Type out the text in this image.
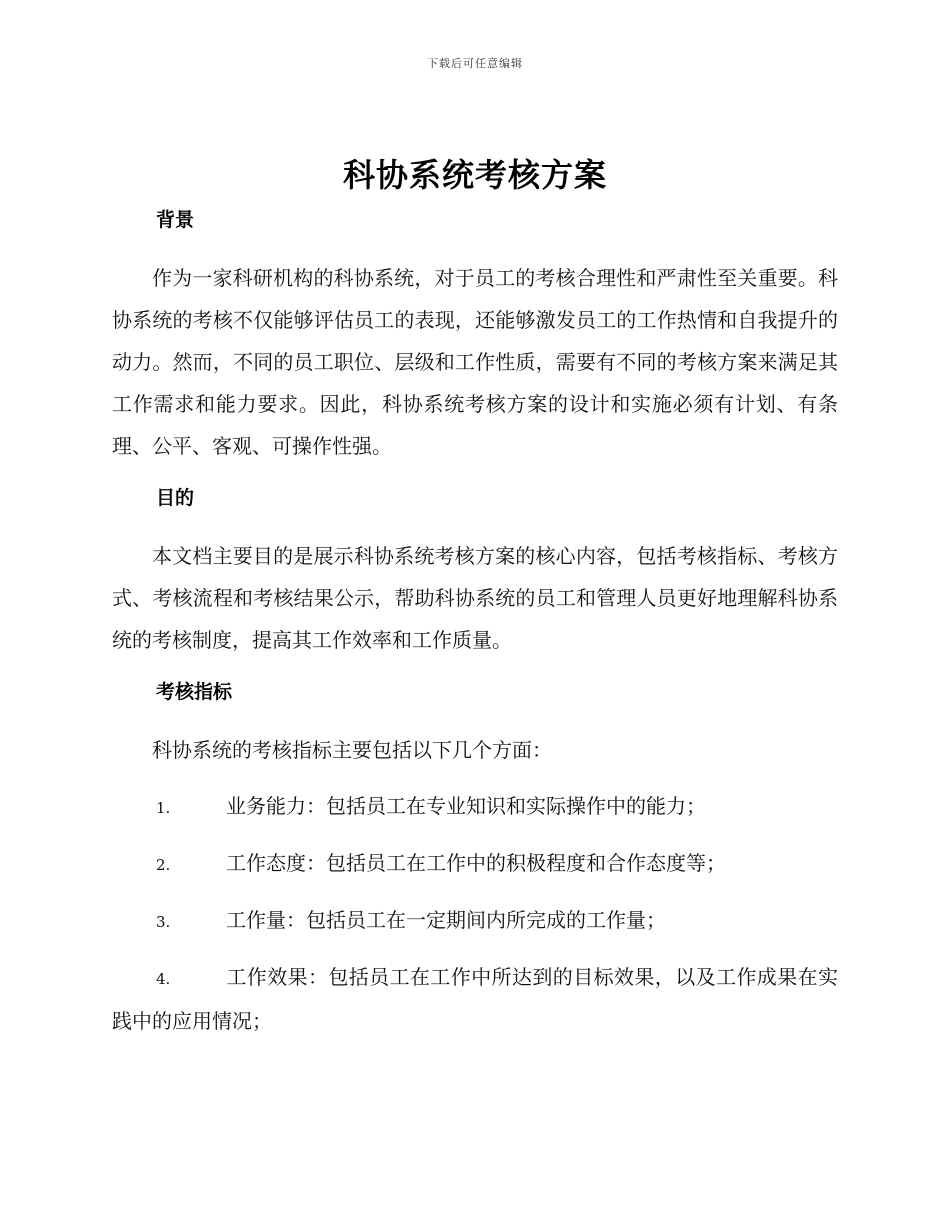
下载后可任意编辑
科协系统考核方案
背景

作为一家科研机构的科协系统，对于员工的考核合理性和严肃性至关重要。科协系统的考核不仅能够评估员工的表现，还能够激发员工的工作热情和自我提升的动力。然而，不同的员工职位、层级和工作性质，需要有不同的考核方案来满足其工作需求和能力要求。因此，科协系统考核方案的设计和实施必须有计划、有条理、公平、客观、可操作性强。

目的

本文档主要目的是展示科协系统考核方案的核心内容，包括考核指标、考核方式、考核流程和考核结果公示，帮助科协系统的员工和管理人员更好地理解科协系统的考核制度，提高其工作效率和工作质量。

考核指标

科协系统的考核指标主要包括以下几个方面：

1.	业务能力：包括员工在专业知识和实际操作中的能力；

2.	工作态度：包括员工在工作中的积极程度和合作态度等；

3.	工作量：包括员工在一定期间内所完成的工作量；

4.	工作效果：包括员工在工作中所达到的目标效果，以及工作成果在实践中的应用情况；
